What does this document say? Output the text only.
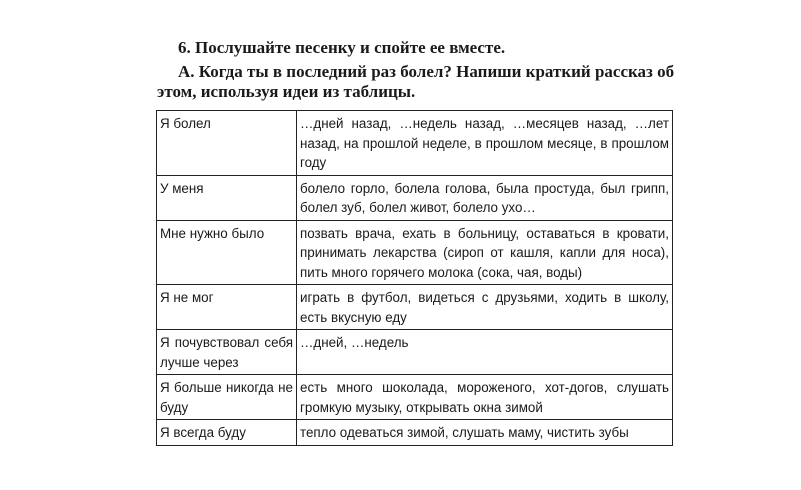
6. Послушайте песенку и спойте ее вместе.
А. Когда ты в последний раз болел? Напиши краткий рассказ об
этом, используя идеи из таблицы.
Я болел	…дней назад, …недель назад, …месяцев назад, …лет назад, на прошлой неделе, в прошлом месяце, в прошлом году
У меня	болело горло, болела голова, была простуда, был грипп, болел зуб, болел живот, болело ухо…
Мне нужно было	позвать врача, ехать в больницу, оставаться в кровати, принимать лекарства (сироп от кашля, капли для носа), пить много горячего молока (сока, чая, воды)
Я не мог	играть в футбол, видеться с друзьями, ходить в школу, есть вкусную еду
Я почувствовал себя лучше через	…дней, …недель
Я больше никогда не буду	есть много шоколада, мороженого, хот-догов, слушать громкую музыку, открывать окна зимой
Я всегда буду	тепло одеваться зимой, слушать маму, чистить зубы
